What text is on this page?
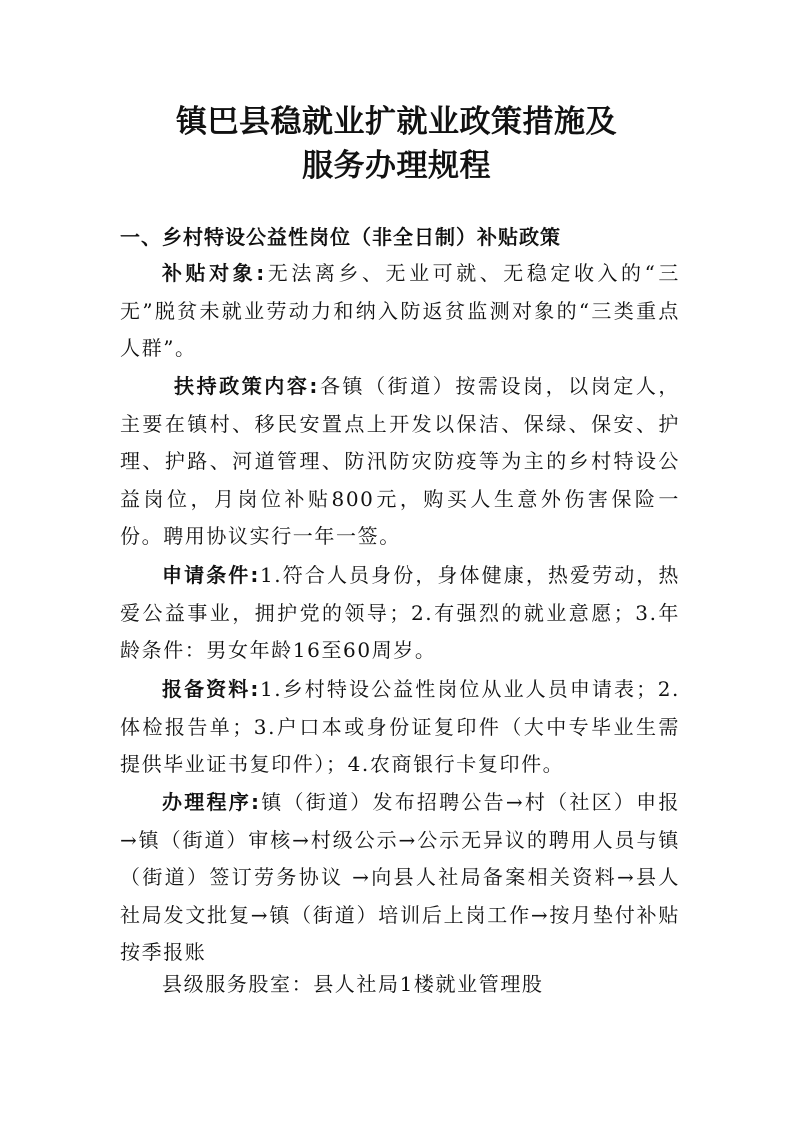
镇巴县稳就业扩就业政策措施及
服务办理规程
一、乡村特设公益性岗位（非全日制）补贴政策
补贴对象:无法离乡、无业可就、无稳定收入的“三无”脱贫未就业劳动力和纳入防返贫监测对象的“三类重点人群”。
扶持政策内容:各镇（街道）按需设岗，以岗定人，主要在镇村、移民安置点上开发以保洁、保绿、保安、护理、护路、河道管理、防汛防灾防疫等为主的乡村特设公益岗位，月岗位补贴800元，购买人生意外伤害保险一份。聘用协议实行一年一签。
申请条件:1.符合人员身份，身体健康，热爱劳动，热爱公益事业，拥护党的领导；2.有强烈的就业意愿；3.年龄条件：男女年龄16至60周岁。
报备资料:1.乡村特设公益性岗位从业人员申请表；2.体检报告单；3.户口本或身份证复印件（大中专毕业生需提供毕业证书复印件）；4.农商银行卡复印件。
办理程序:镇（街道）发布招聘公告→村（社区）申报→镇（街道）审核→村级公示→公示无异议的聘用人员与镇（街道）签订劳务协议 →向县人社局备案相关资料→县人社局发文批复→镇（街道）培训后上岗工作→按月垫付补贴按季报账
县级服务股室：县人社局1楼就业管理股
